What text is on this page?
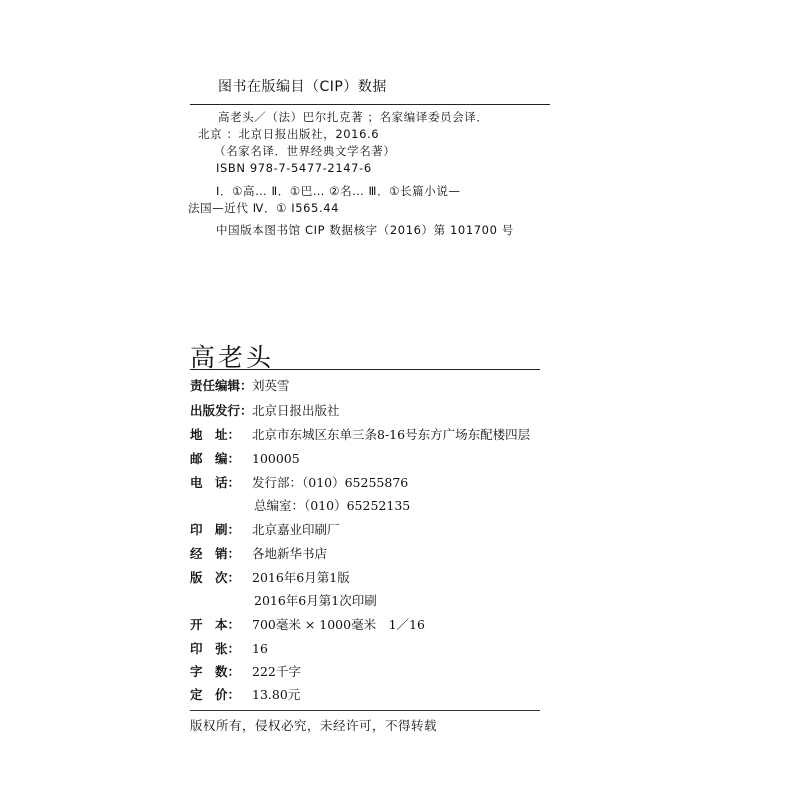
图书在版编目（CIP）数据
高老头／（法）巴尔扎克著 ；名家编译委员会译．
北京 ：北京日报出版社，2016.6
（名家名译．世界经典文学名著）
ISBN 978-7-5477-2147-6
Ⅰ．①高… Ⅱ．①巴… ②名… Ⅲ．①长篇小说—
法国—近代 Ⅳ．① I565.44
中国版本图书馆 CIP 数据核字（2016）第 101700 号
高老头
责任编辑： 刘英雪
出版发行： 北京日报出版社
地　址： 北京市东城区东单三条8-16号东方广场东配楼四层
邮　编： 100005
电　话： 发行部：（010）65255876
总编室：（010）65252135
印　刷： 北京嘉业印刷厂
经　销： 各地新华书店
版　次： 2016年6月第1版
2016年6月第1次印刷
开　本： 700毫米 × 1000毫米　1／16
印　张： 16
字　数： 222千字
定　价： 13.80元
版权所有，侵权必究，未经许可，不得转载
